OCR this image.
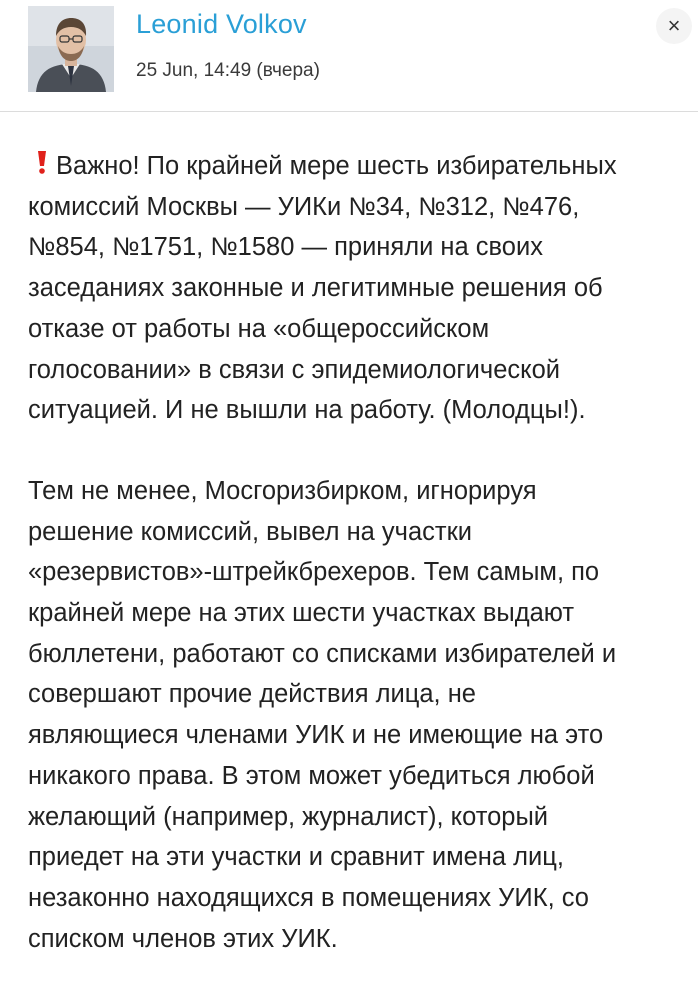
Leonid Volkov
25 Jun, 14:49 (вчера)
×

Важно! По крайней мере шесть избирательных
комиссий Москвы — УИКи №34, №312, №476,
№854, №1751, №1580 — приняли на своих
заседаниях законные и легитимные решения об
отказе от работы на «общероссийском
голосовании» в связи с эпидемиологической
ситуацией. И не вышли на работу. (Молодцы!).

Тем не менее, Мосгоризбирком, игнорируя
решение комиссий, вывел на участки
«резервистов»-штрейкбрехеров. Тем самым, по
крайней мере на этих шести участках выдают
бюллетени, работают со списками избирателей и
совершают прочие действия лица, не
являющиеся членами УИК и не имеющие на это
никакого права. В этом может убедиться любой
желающий (например, журналист), который
приедет на эти участки и сравнит имена лиц,
незаконно находящихся в помещениях УИК, со
списком членов этих УИК.
